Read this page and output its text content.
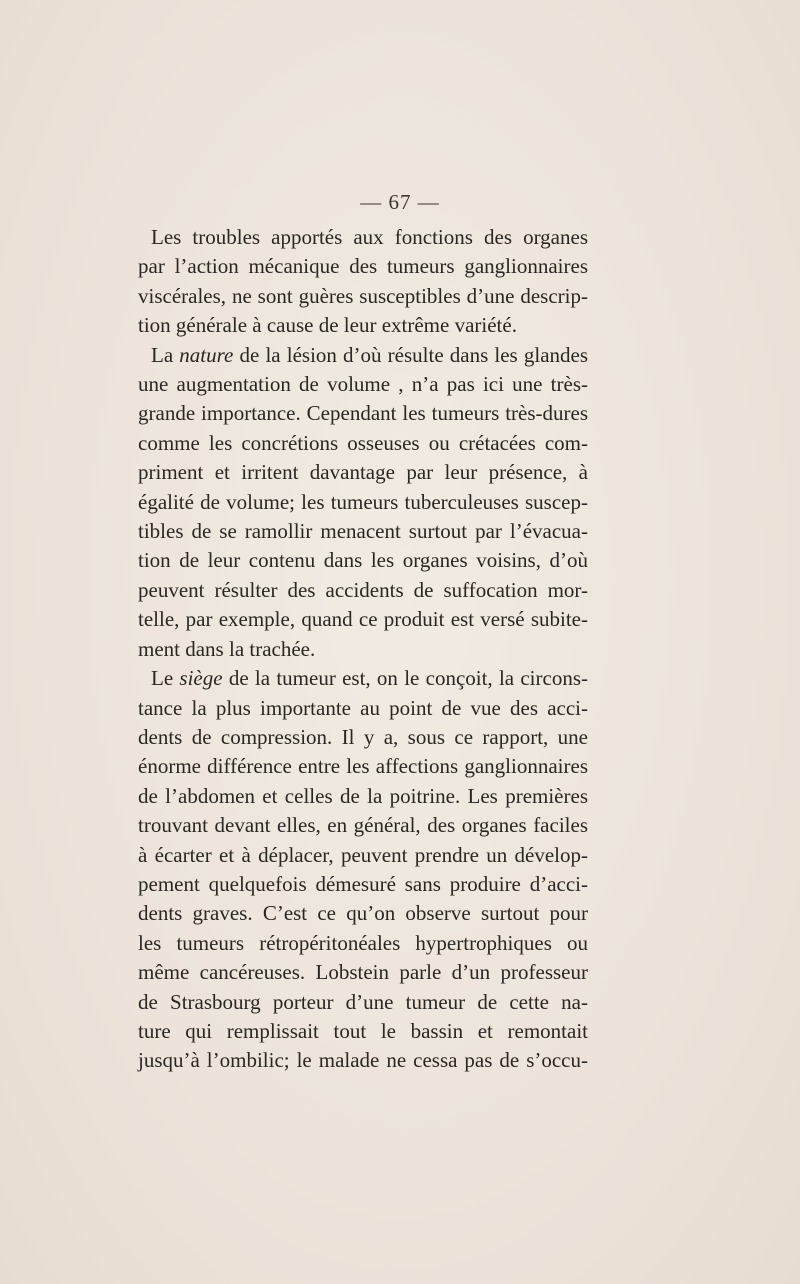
— 67 —

Les troubles apportés aux fonctions des organes
par l’action mécanique des tumeurs ganglionnaires
viscérales, ne sont guères susceptibles d’une descrip-
tion générale à cause de leur extrême variété.

La nature de la lésion d’où résulte dans les glandes
une augmentation de volume , n’a pas ici une très-
grande importance. Cependant les tumeurs très-dures
comme les concrétions osseuses ou crétacées com-
priment et irritent davantage par leur présence, à
égalité de volume; les tumeurs tuberculeuses suscep-
tibles de se ramollir menacent surtout par l’évacua-
tion de leur contenu dans les organes voisins, d’où
peuvent résulter des accidents de suffocation mor-
telle, par exemple, quand ce produit est versé subite-
ment dans la trachée.

Le siège de la tumeur est, on le conçoit, la circons-
tance la plus importante au point de vue des acci-
dents de compression. Il y a, sous ce rapport, une
énorme différence entre les affections ganglionnaires
de l’abdomen et celles de la poitrine. Les premières
trouvant devant elles, en général, des organes faciles
à écarter et à déplacer, peuvent prendre un dévelop-
pement quelquefois démesuré sans produire d’acci-
dents graves. C’est ce qu’on observe surtout pour
les tumeurs rétropéritonéales hypertrophiques ou
même cancéreuses. Lobstein parle d’un professeur
de Strasbourg porteur d’une tumeur de cette na-
ture qui remplissait tout le bassin et remontait
jusqu’à l’ombilic; le malade ne cessa pas de s’occu-
